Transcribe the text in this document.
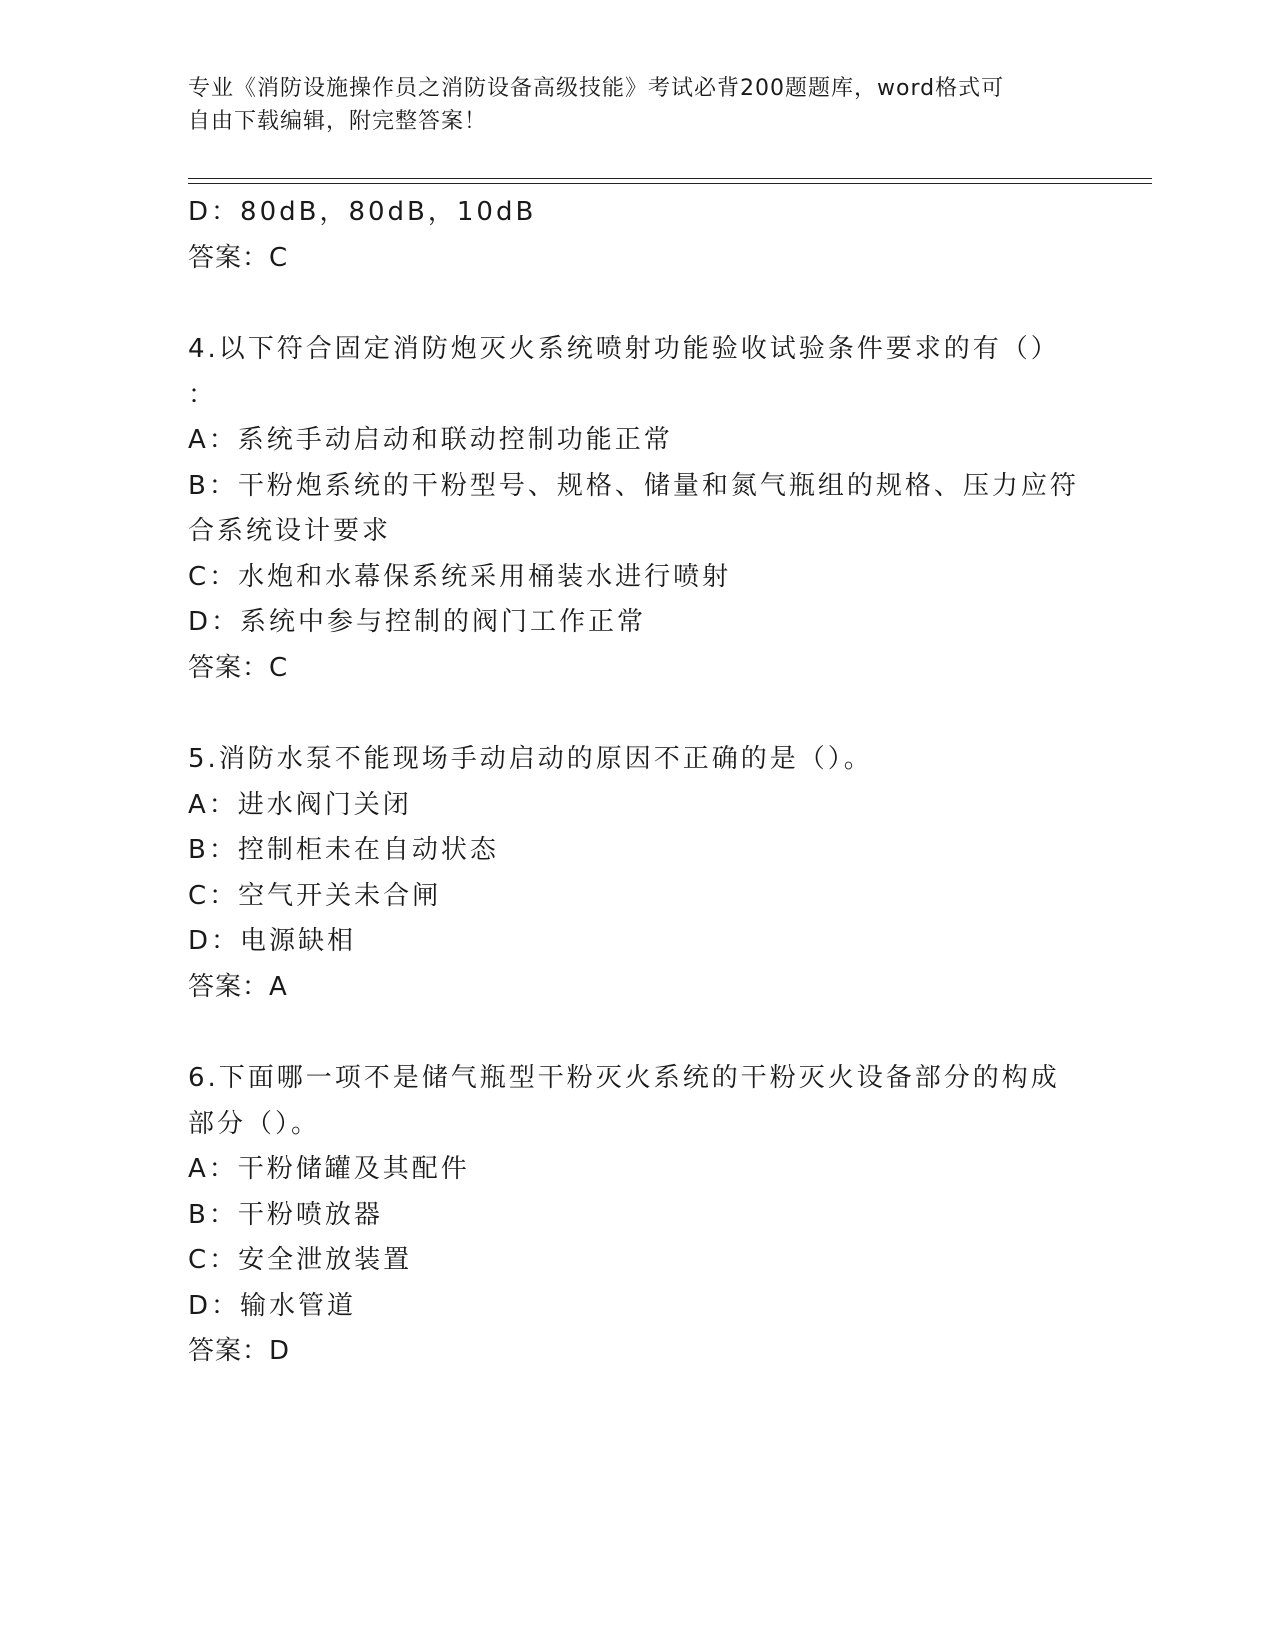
专业《消防设施操作员之消防设备高级技能》考试必背200题题库，word格式可
自由下载编辑，附完整答案！
D：80dB，80dB，10dB
答案：C
4.以下符合固定消防炮灭火系统喷射功能验收试验条件要求的有（）
：
A：系统手动启动和联动控制功能正常
B：干粉炮系统的干粉型号、规格、储量和氮气瓶组的规格、压力应符
合系统设计要求
C：水炮和水幕保系统采用桶装水进行喷射
D：系统中参与控制的阀门工作正常
答案：C
5.消防水泵不能现场手动启动的原因不正确的是（）。
A：进水阀门关闭
B：控制柜未在自动状态
C：空气开关未合闸
D：电源缺相
答案：A
6.下面哪一项不是储气瓶型干粉灭火系统的干粉灭火设备部分的构成
部分（）。
A：干粉储罐及其配件
B：干粉喷放器
C：安全泄放装置
D：输水管道
答案：D
